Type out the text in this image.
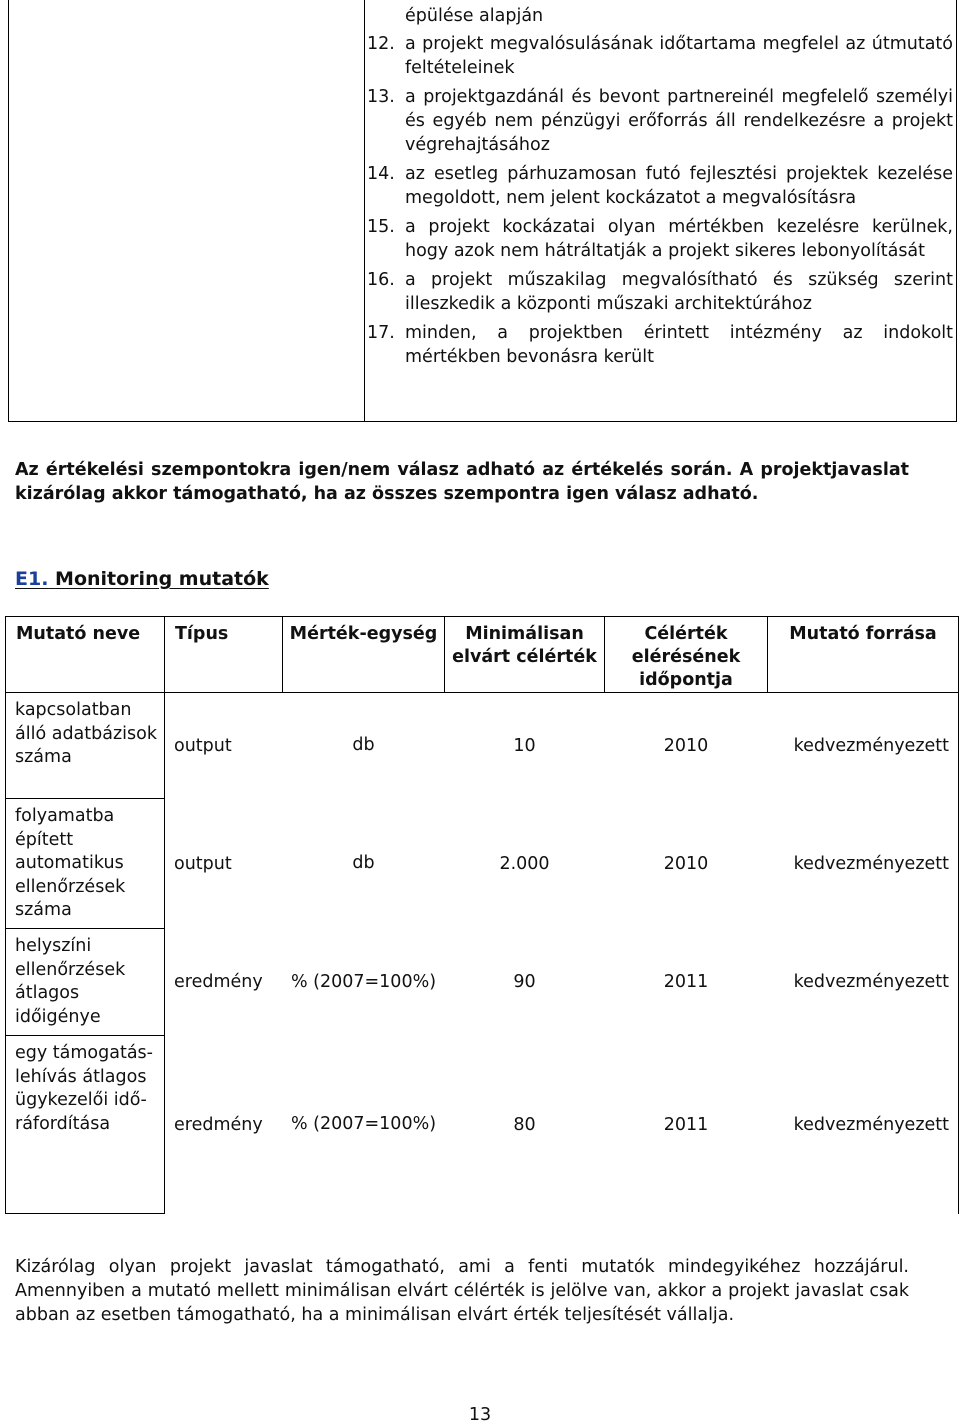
épülése alapján
12. a projekt megvalósulásának időtartama megfelel az útmutató feltételeinek
13. a projektgazdánál és bevont partnereinél megfelelő személyi és egyéb nem pénzügyi erőforrás áll rendelkezésre a projekt végrehajtásához
14. az esetleg párhuzamosan futó fejlesztési projektek kezelése megoldott, nem jelent kockázatot a megvalósításra
15. a projekt kockázatai olyan mértékben kezelésre kerülnek, hogy azok nem hátráltatják a projekt sikeres lebonyolítását
16. a projekt műszakilag megvalósítható és szükség szerint illeszkedik a központi műszaki architektúrához
17. minden, a projektben érintett intézmény az indokolt mértékben bevonásra került
Az értékelési szempontokra igen/nem válasz adható az értékelés során. A projektjavaslat kizárólag akkor támogatható, ha az összes szempontra igen válasz adható.
E1. Monitoring mutatók
Mutató neve	Típus	Mérték-egység	Minimálisan elvárt célérték	Célérték elérésének időpontja	Mutató forrása
kapcsolatban álló adatbázisok száma	output	db	10	2010	kedvezményezett
folyamatba épített automatikus ellenőrzések száma	output	db	2.000	2010	kedvezményezett
helyszíni ellenőrzések átlagos időigénye	eredmény	% (2007=100%)	90	2011	kedvezményezett
egy támogatás-lehívás átlagos ügykezelői idő-ráfordítása	eredmény	% (2007=100%)	80	2011	kedvezményezett
Kizárólag olyan projekt javaslat támogatható, ami a fenti mutatók mindegyikéhez hozzájárul. Amennyiben a mutató mellett minimálisan elvárt célérték is jelölve van, akkor a projekt javaslat csak abban az esetben támogatható, ha a minimálisan elvárt érték teljesítését vállalja.
13
